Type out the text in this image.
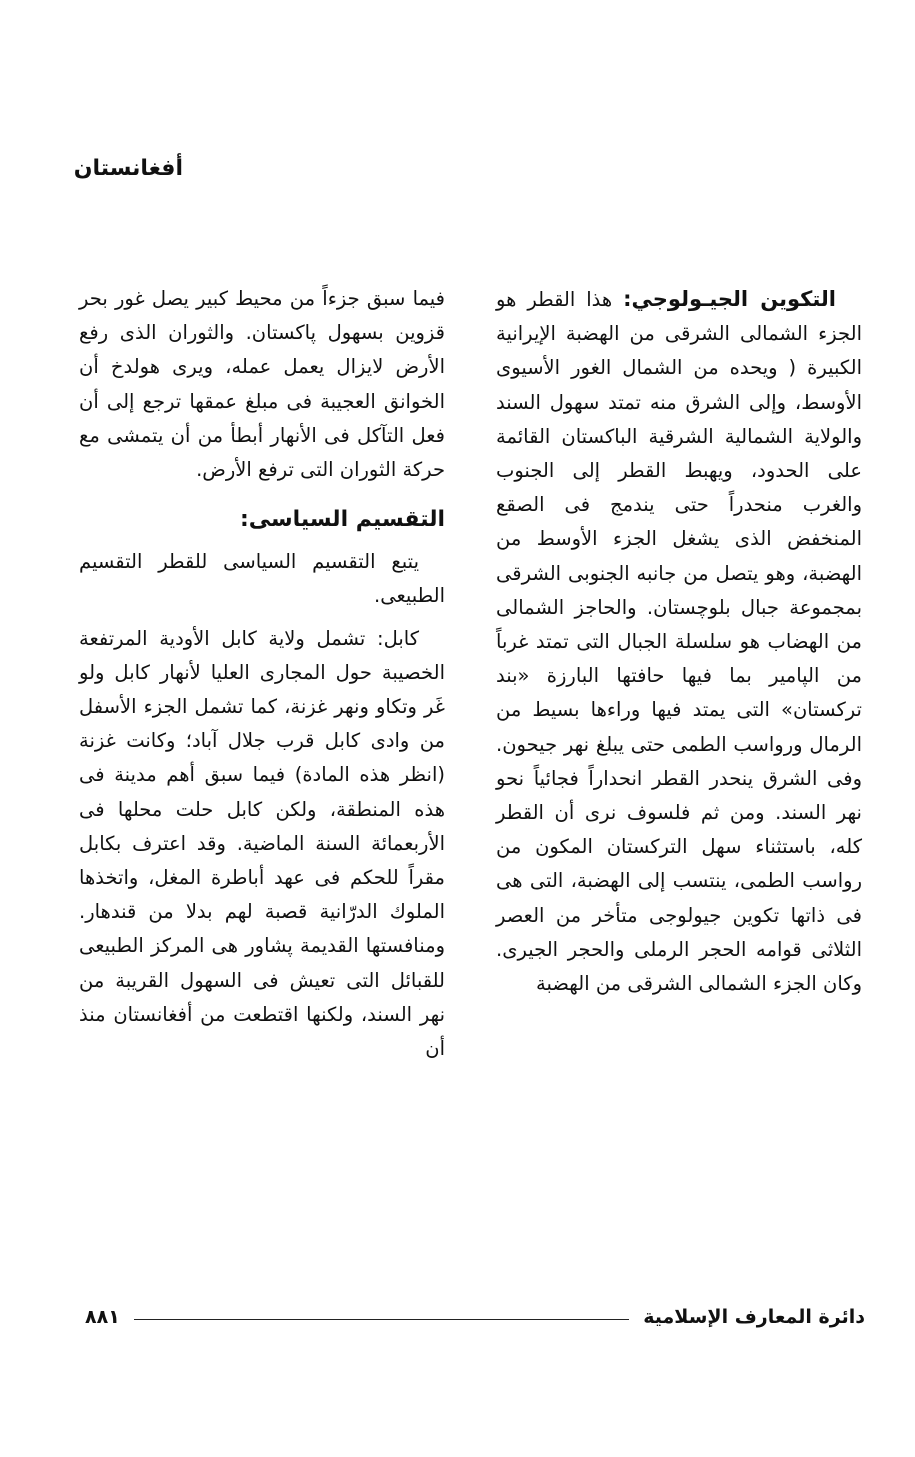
أفغانستان

التكوين الجيـولوجي: هذا القطر هو الجزء الشمالى الشرقى من الهضبة الإيرانية الكبيرة ( ويحده من الشمال الغور الأسيوى الأوسط، وإلى الشرق منه تمتد سهول السند والولاية الشمالية الشرقية الباكستان القائمة على الحدود، ويهبط القطر إلى الجنوب والغرب منحدراً حتى يندمج فى الصقع المنخفض الذى يشغل الجزء الأوسط من الهضبة، وهو يتصل من جانبه الجنوبى الشرقى بمجموعة جبال بلوچستان. والحاجز الشمالى من الهضاب هو سلسلة الجبال التى تمتد غرباً من الپامير بما فيها حافتها البارزة «بند تركستان» التى يمتد فيها وراءها بسيط من الرمال ورواسب الطمى حتى يبلغ نهر جيحون. وفى الشرق ينحدر القطر انحداراً فجائياً نحو نهر السند. ومن ثم فلسوف نرى أن القطر كله، باستثناء سهل التركستان المكون من رواسب الطمى، ينتسب إلى الهضبة، التى هى فى ذاتها تكوين جيولوجى متأخر من العصر الثلاثى قوامه الحجر الرملى والحجر الجيرى. وكان الجزء الشمالى الشرقى من الهضبة

فيما سبق جزءاً من محيط كبير يصل غور بحر قزوين بسهول پاكستان. والثوران الذى رفع الأرض لايزال يعمل عمله، ويرى هولدخ أن الخوانق العجيبة فى مبلغ عمقها ترجع إلى أن فعل التآكل فى الأنهار أبطأ من أن يتمشى مع حركة الثوران التى ترفع الأرض.

التقسيم السياسى:

يتبع التقسيم السياسى للقطر التقسيم الطبيعى.

كابل: تشمل ولاية كابل الأودية المرتفعة الخصيبة حول المجارى العليا لأنهار كابل ولو غَر وتكاو ونهر غزنة، كما تشمل الجزء الأسفل من وادى كابل قرب جلال آباد؛ وكانت غزنة (انظر هذه المادة) فيما سبق أهم مدينة فى هذه المنطقة، ولكن كابل حلت محلها فى الأربعمائة السنة الماضية. وقد اعترف بكابل مقراً للحكم فى عهد أباطرة المغل، واتخذها الملوك الدرّانية قصبة لهم بدلا من قندهار. ومنافستها القديمة پشاور هى المركز الطبيعى للقبائل التى تعيش فى السهول القريبة من نهر السند، ولكنها اقتطعت من أفغانستان منذ أن

دائرة المعارف الإسلامية
٨٨١
